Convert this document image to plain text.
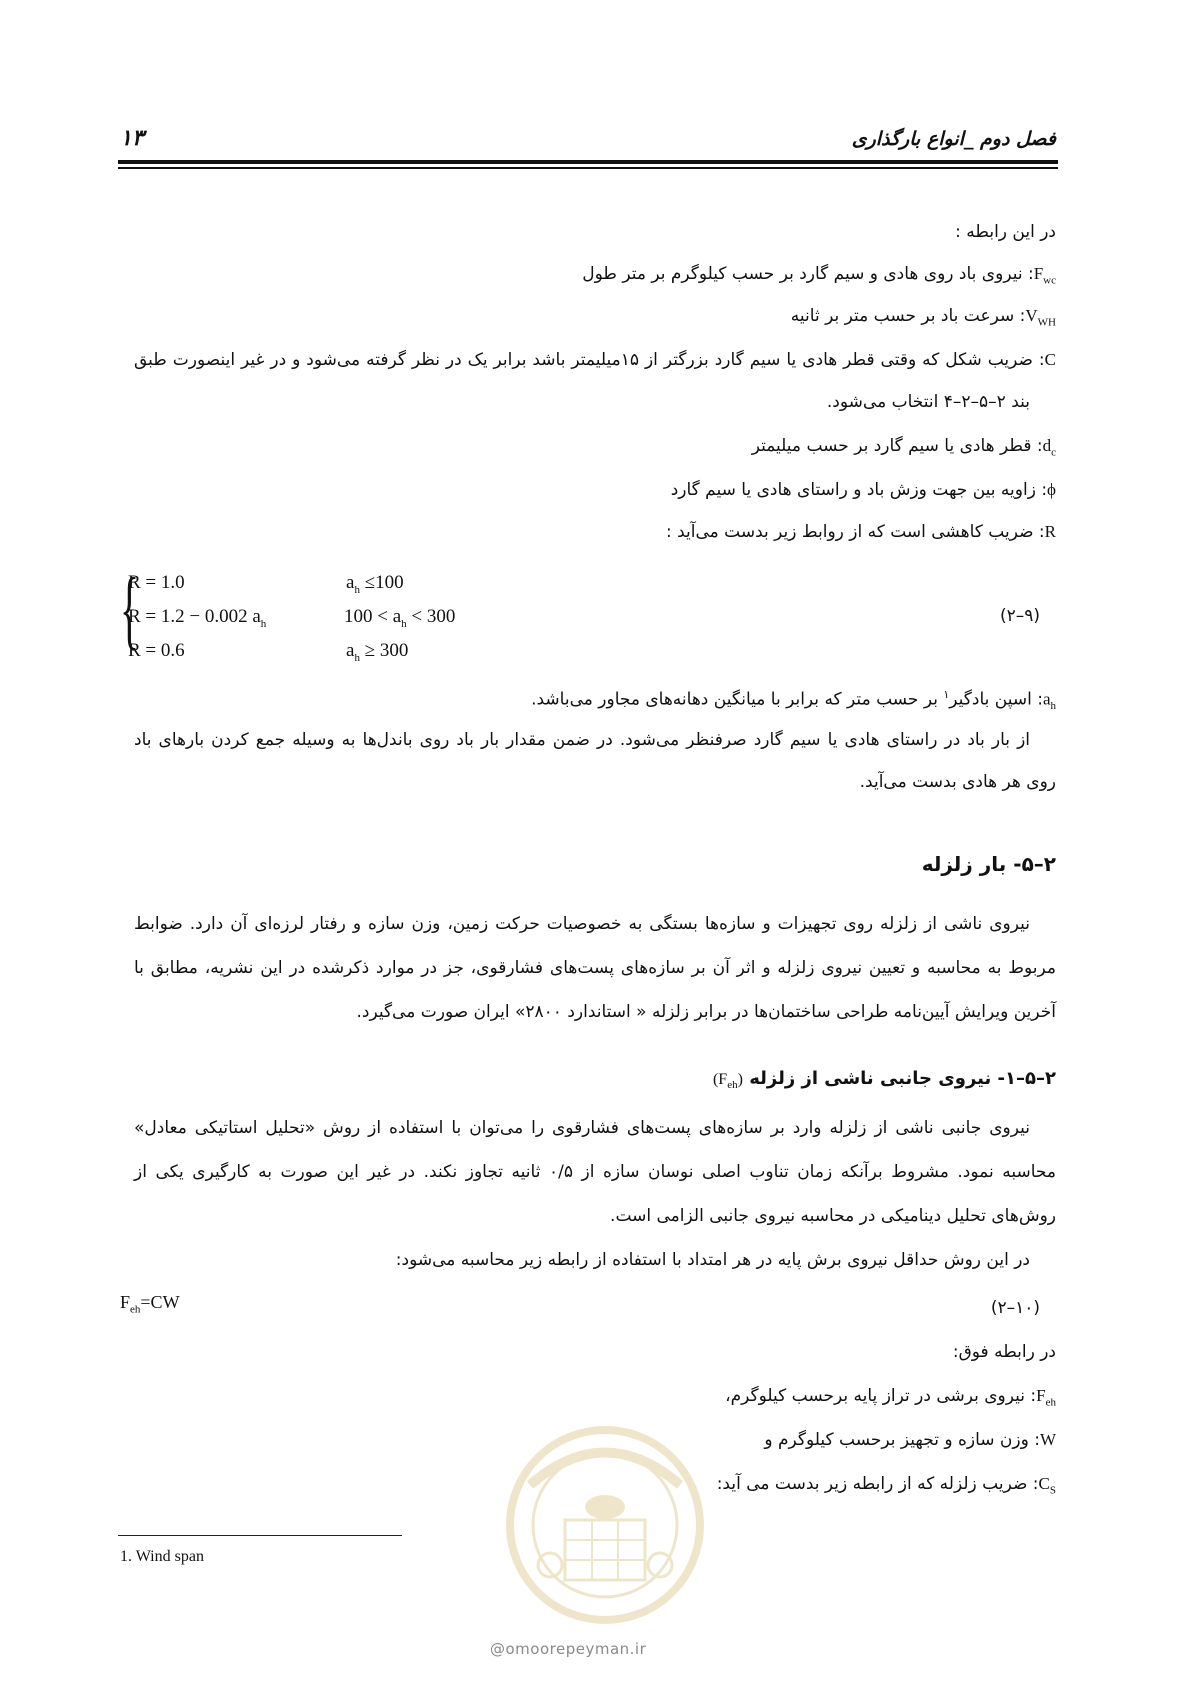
فصل دوم _انواع بارگذاری
۱۳
در این رابطه :
$F_{wc}$: نیروی باد روی هادی و سیم گارد بر حسب کیلوگرم بر متر طول
$V_{WH}$: سرعت باد بر حسب متر بر ثانیه
C: ضریب شکل که وقتی قطر هادی یا سیم گارد بزرگتر از ۱۵میلیمتر باشد برابر یک در نظر گرفته می‌شود و در غیر اینصورت طبق
بند ۲–۵–۲–۴ انتخاب می‌شود.
$d_c$: قطر هادی یا سیم گارد بر حسب میلیمتر
ϕ: زاویه بین جهت وزش باد و راستای هادی یا سیم گارد
R: ضریب کاهشی است که از روابط زیر بدست می‌آید :
{
R = 1.0	$a_h \le 100$
R = 1.2 − 0.002 $a_h$	$100 < a_h < 300$
R = 0.6	$a_h \ge 300$
(۹–۲)
$a_h$: اسپن بادگیر$^۱$ بر حسب متر که برابر با میانگین دهانه‌های مجاور می‌باشد.
از بار باد در راستای هادی یا سیم گارد صرفنظر می‌شود. در ضمن مقدار بار باد روی باندل‌ها به وسیله جمع کردن بارهای باد
روی هر هادی بدست می‌آید.
۲–۵- بار زلزله
نیروی ناشی از زلزله روی تجهیزات و سازه‌ها بستگی به خصوصیات حرکت زمین، وزن سازه و رفتار لرزه‌ای آن دارد. ضوابط
مربوط به محاسبه و تعیین نیروی زلزله و اثر آن بر سازه‌های پست‌های فشارقوی، جز در موارد ذکرشده در این نشریه، مطابق با
آخرین ویرایش آیین‌نامه طراحی ساختمان‌ها در برابر زلزله « استاندارد ۲۸۰۰» ایران صورت می‌گیرد.
۲–۵–۱- نیروی جانبی ناشی از زلزله $(F_{eh})$
نیروی جانبی ناشی از زلزله وارد بر سازه‌های پست‌های فشارقوی را می‌توان با استفاده از روش «تحلیل استاتیکی معادل»
محاسبه نمود. مشروط برآنکه زمان تناوب اصلی نوسان سازه از ۰/۵ ثانیه تجاوز نکند. در غیر این صورت به کارگیری یکی از
روش‌های تحلیل دینامیکی در محاسبه نیروی جانبی الزامی است.
در این روش حداقل نیروی برش پایه در هر امتداد با استفاده از رابطه زیر محاسبه می‌شود:
$F_{eh}=CW$	(۱۰–۲)
در رابطه فوق:
$F_{eh}$: نیروی برشی در تراز پایه برحسب کیلوگرم،
W: وزن سازه و تجهیز برحسب کیلوگرم و
$C_S$: ضریب زلزله که از رابطه زیر بدست می آید:
@omoorepeyman.ir
1. Wind span
